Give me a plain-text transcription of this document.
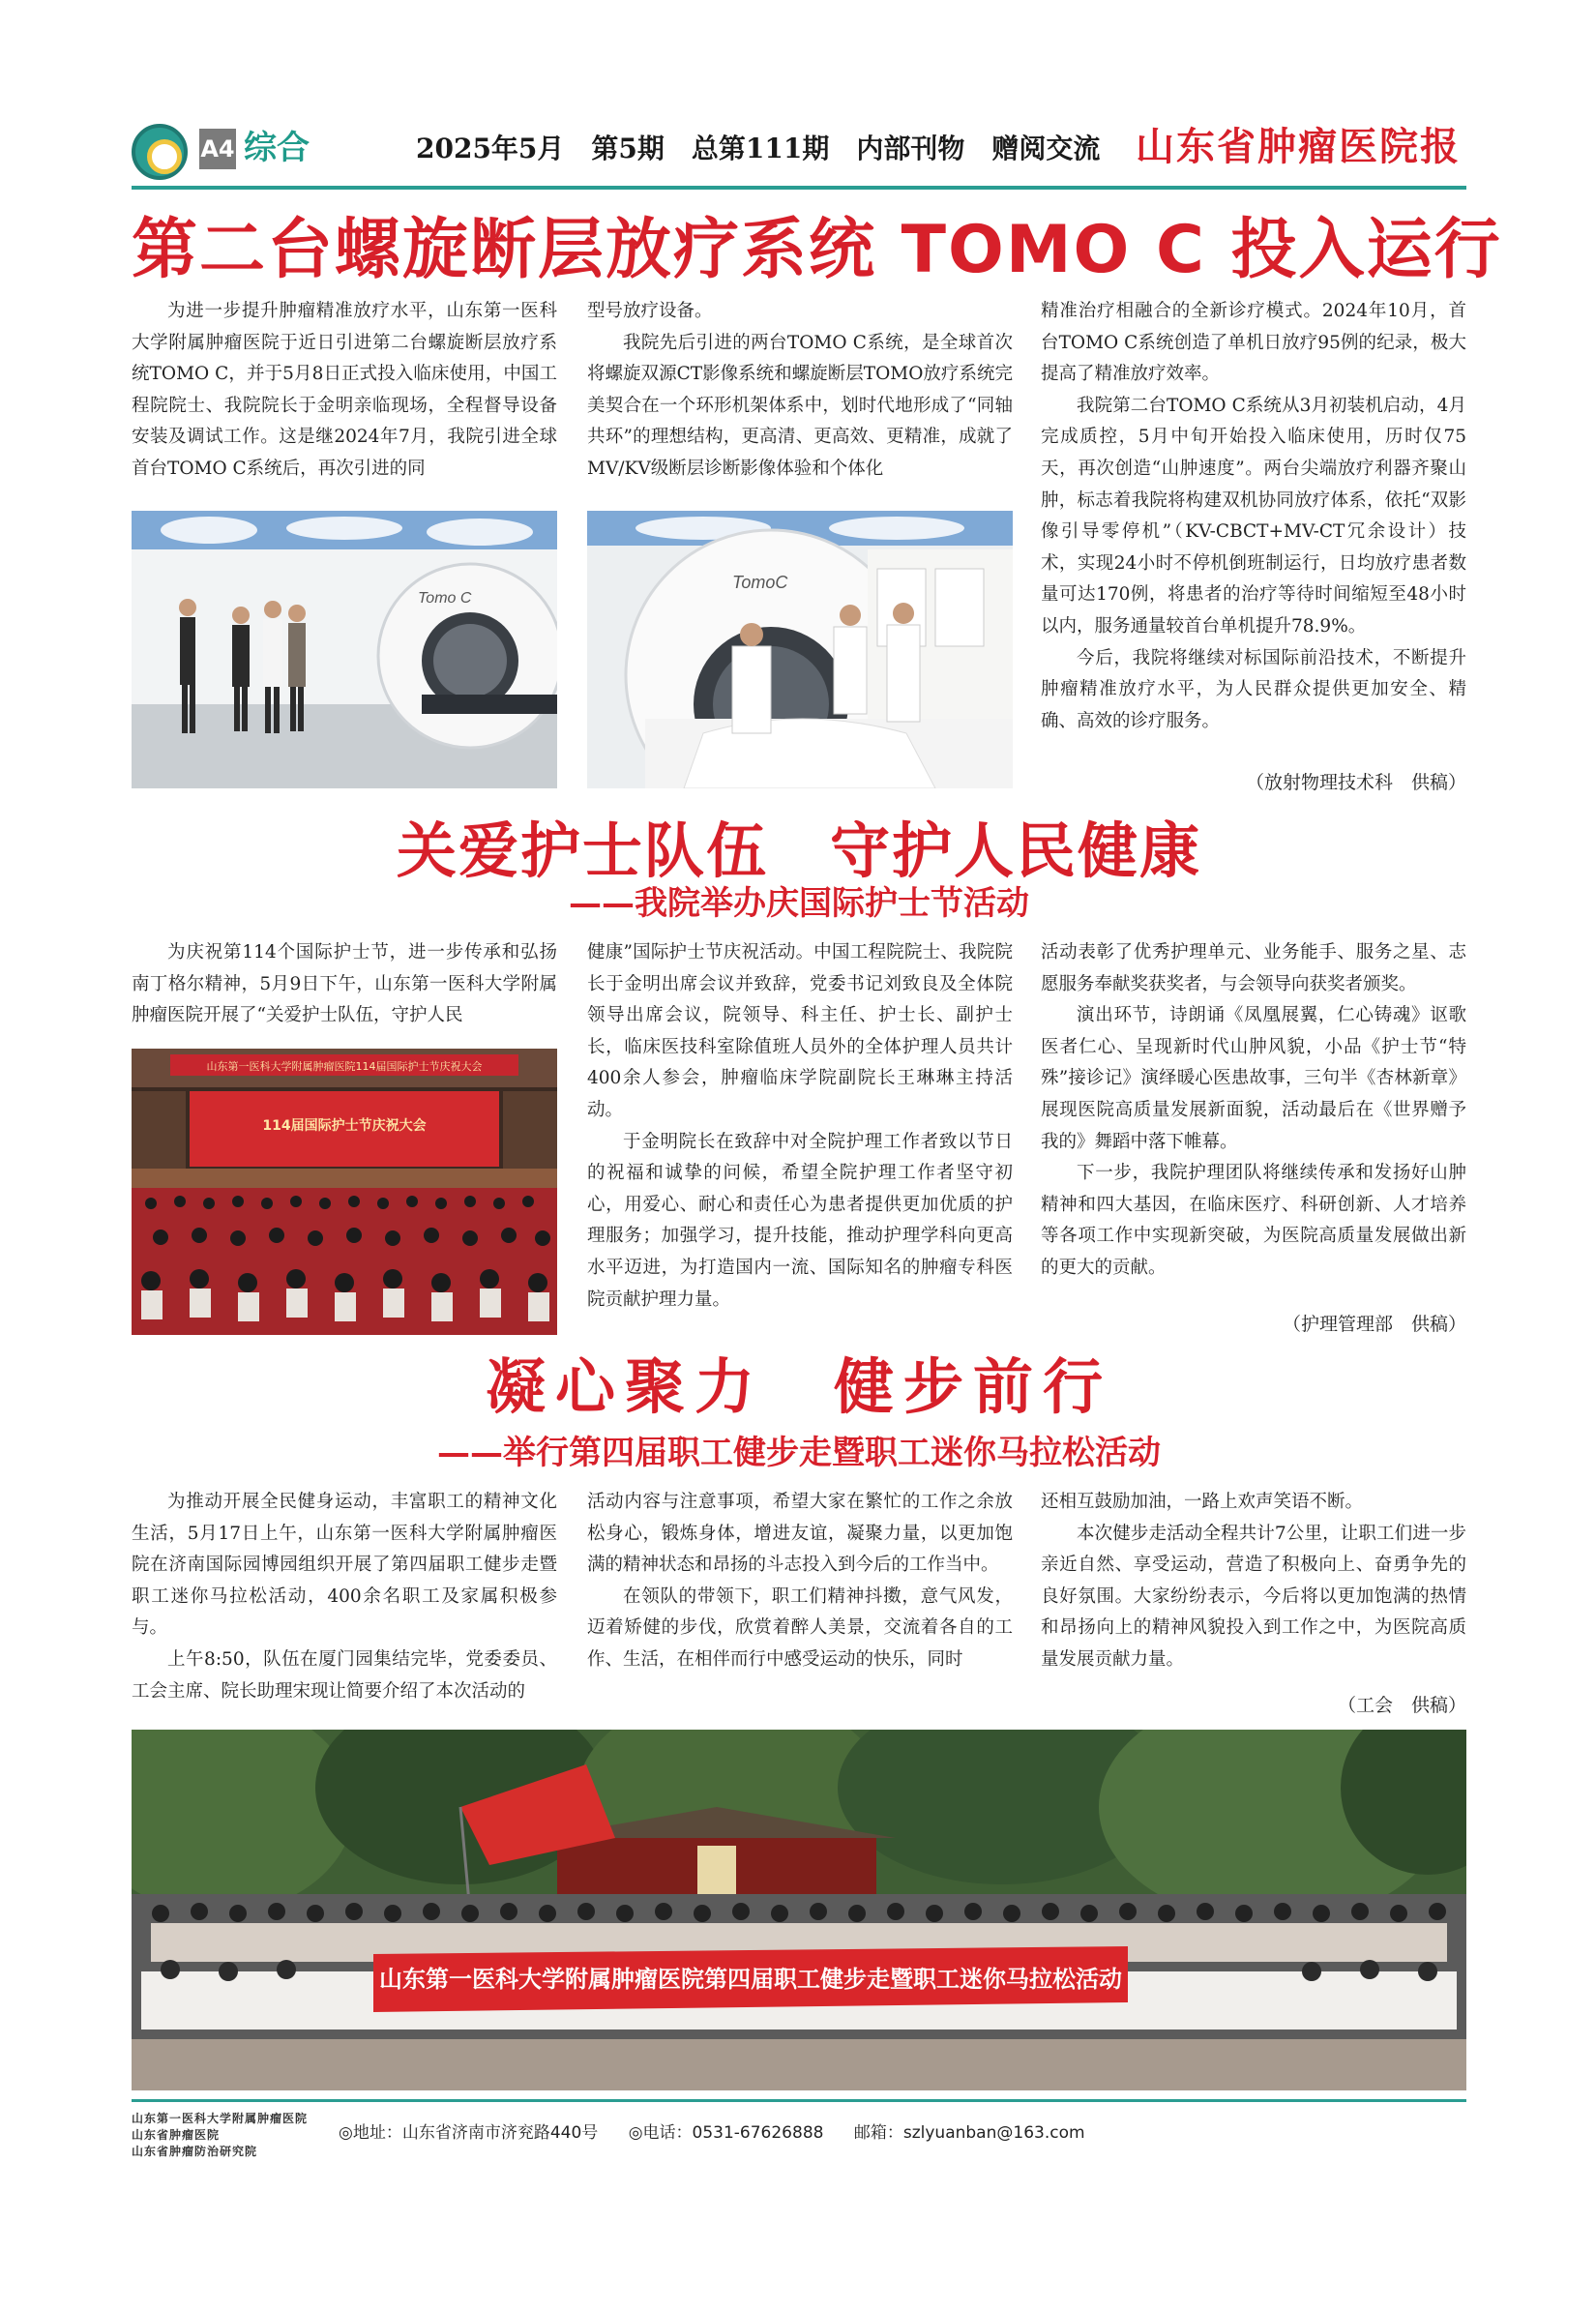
A4 综合	2025年5月　第5期　总第111期　内部刊物　赠阅交流 山东省肿瘤医院报
第二台螺旋断层放疗系统 TOMO C 投入运行

为进一步提升肿瘤精准放疗水平，山东第一医科大学附属肿瘤医院于近日引进第二台螺旋断层放疗系统TOMO C，并于5月8日正式投入临床使用，中国工程院院士、我院院长于金明亲临现场，全程督导设备安装及调试工作。这是继2024年7月，我院引进全球首台TOMO C系统后，再次引进的同

型号放疗设备。

我院先后引进的两台TOMO C系统，是全球首次将螺旋双源CT影像系统和螺旋断层TOMO放疗系统完美契合在一个环形机架体系中，划时代地形成了“同轴共环”的理想结构，更高清、更高效、更精准，成就了MV/KV级断层诊断影像体验和个体化

精准治疗相融合的全新诊疗模式。2024年10月，首台TOMO C系统创造了单机日放疗95例的纪录，极大提高了精准放疗效率。

我院第二台TOMO C系统从3月初装机启动，4月完成质控，5月中旬开始投入临床使用，历时仅75天，再次创造“山肿速度”。两台尖端放疗利器齐聚山肿，标志着我院将构建双机协同放疗体系，依托“双影像引导零停机”（KV-CBCT+MV-CT冗余设计）技术，实现24小时不停机倒班制运行，日均放疗患者数量可达170例，将患者的治疗等待时间缩短至48小时以内，服务通量较首台单机提升78.9%。

今后，我院将继续对标国际前沿技术，不断提升肿瘤精准放疗水平，为人民群众提供更加安全、精确、高效的诊疗服务。

（放射物理技术科　供稿）
Tomo C
TomoC
关爱护士队伍　守护人民健康
——我院举办庆国际护士节活动

为庆祝第114个国际护士节，进一步传承和弘扬南丁格尔精神，5月9日下午，山东第一医科大学附属肿瘤医院开展了“关爱护士队伍，守护人民

健康”国际护士节庆祝活动。中国工程院院士、我院院长于金明出席会议并致辞，党委书记刘致良及全体院领导出席会议，院领导、科主任、护士长、副护士长，临床医技科室除值班人员外的全体护理人员共计400余人参会，肿瘤临床学院副院长王琳琳主持活动。

于金明院长在致辞中对全院护理工作者致以节日的祝福和诚挚的问候，希望全院护理工作者坚守初心，用爱心、耐心和责任心为患者提供更加优质的护理服务；加强学习，提升技能，推动护理学科向更高水平迈进，为打造国内一流、国际知名的肿瘤专科医院贡献护理力量。

活动表彰了优秀护理单元、业务能手、服务之星、志愿服务奉献奖获奖者，与会领导向获奖者颁奖。

演出环节，诗朗诵《凤凰展翼，仁心铸魂》讴歌医者仁心、呈现新时代山肿风貌，小品《护士节“特殊”接诊记》演绎暖心医患故事，三句半《杏林新章》展现医院高质量发展新面貌，活动最后在《世界赠予我的》舞蹈中落下帷幕。

下一步，我院护理团队将继续传承和发扬好山肿精神和四大基因，在临床医疗、科研创新、人才培养等各项工作中实现新突破，为医院高质量发展做出新的更大的贡献。

（护理管理部　供稿）
山东第一医科大学附属肿瘤医院114届国际护士节庆祝大会
114届国际护士节庆祝大会
凝心聚力　健步前行
——举行第四届职工健步走暨职工迷你马拉松活动

为推动开展全民健身运动，丰富职工的精神文化生活，5月17日上午，山东第一医科大学附属肿瘤医院在济南国际园博园组织开展了第四届职工健步走暨职工迷你马拉松活动，400余名职工及家属积极参与。

上午8:50，队伍在厦门园集结完毕，党委委员、工会主席、院长助理宋现让简要介绍了本次活动的

活动内容与注意事项，希望大家在繁忙的工作之余放松身心，锻炼身体，增进友谊，凝聚力量，以更加饱满的精神状态和昂扬的斗志投入到今后的工作当中。

在领队的带领下，职工们精神抖擞，意气风发，迈着矫健的步伐，欣赏着醉人美景，交流着各自的工作、生活，在相伴而行中感受运动的快乐，同时

还相互鼓励加油，一路上欢声笑语不断。

本次健步走活动全程共计7公里，让职工们进一步亲近自然、享受运动，营造了积极向上、奋勇争先的良好氛围。大家纷纷表示，今后将以更加饱满的热情和昂扬向上的精神风貌投入到工作之中，为医院高质量发展贡献力量。

（工会　供稿）
山东第一医科大学附属肿瘤医院第四届职工健步走暨职工迷你马拉松活动
山东第一医科大学附属肿瘤医院
山东省肿瘤医院
山东省肿瘤防治研究院
◎地址：山东省济南市济兖路440号 ◎电话：0531-67626888 邮箱：szlyuanban@163.com
